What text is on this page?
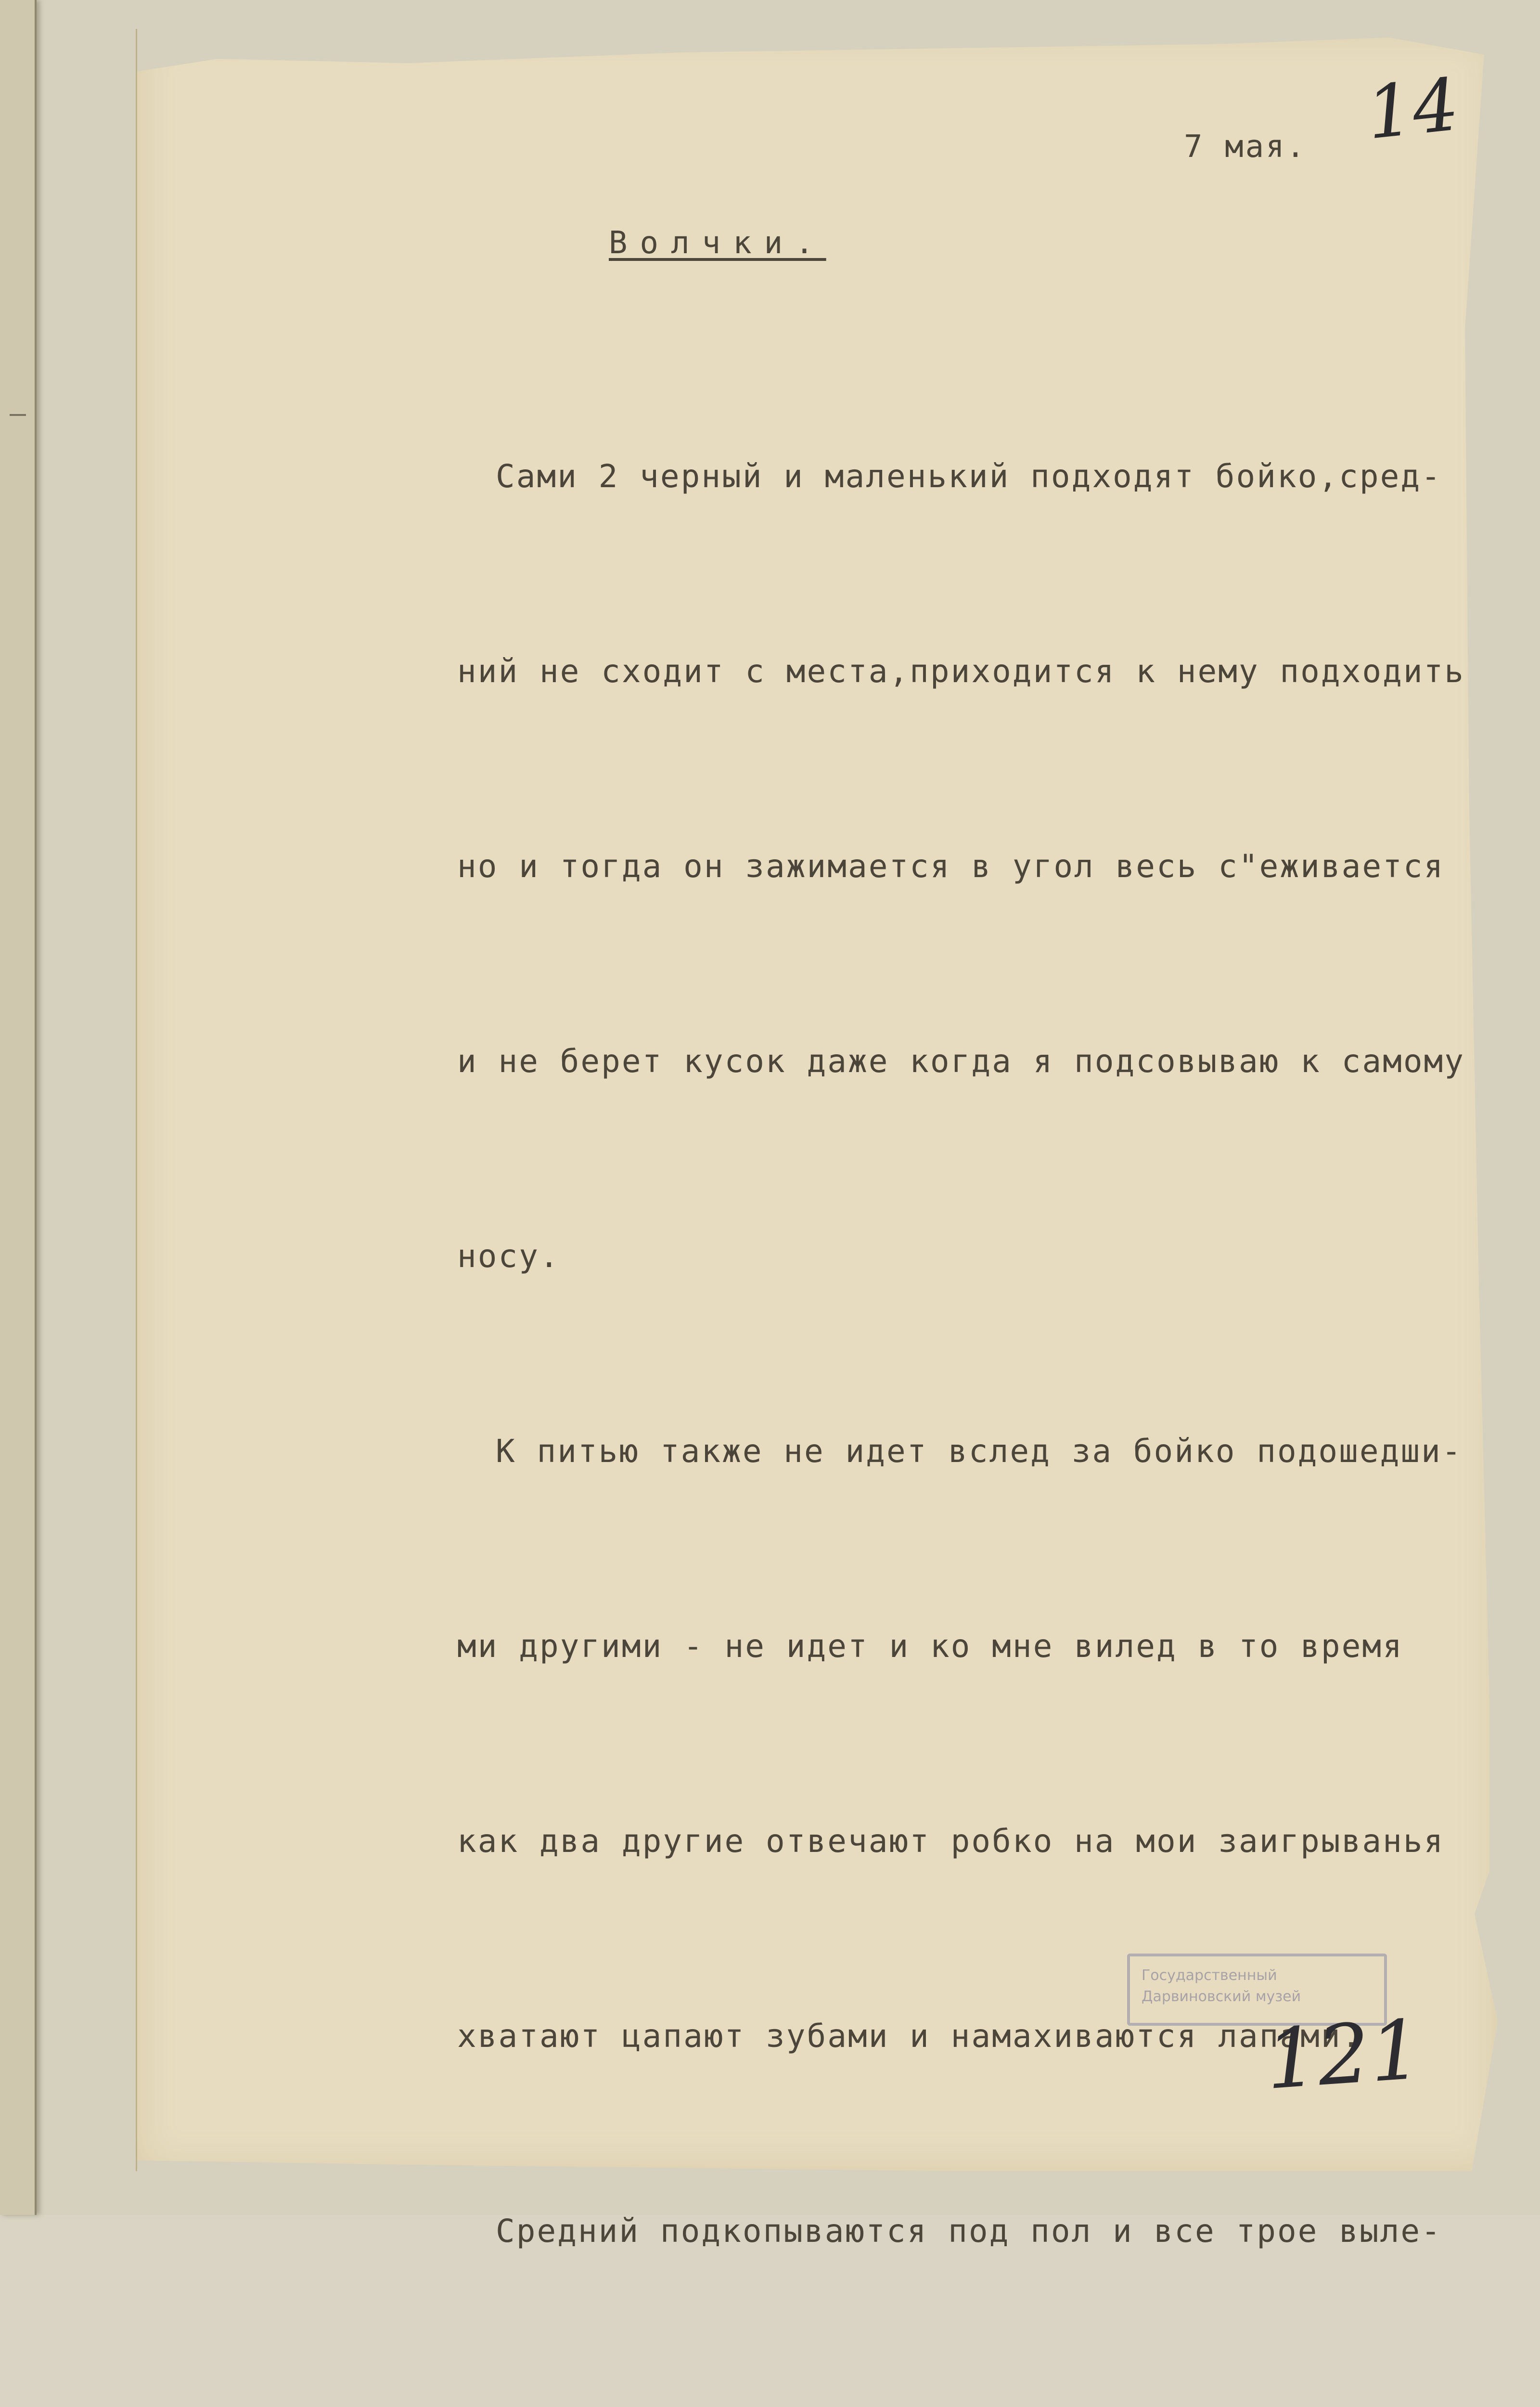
14

7 мая.

Волчки.

Сами 2 черный и маленький подходят бойко,сред-

ний не сходит с места,приходится к нему подходить

но и тогда он зажимается в угол весь с"еживается

и не берет кусок даже когда я подсовываю к самому

носу.

К питью также не идет вслед за бойко подошедши-

ми другими - не идет и ко мне вилед в то время

как два другие отвечают робко на мои заигрыванья

хватают цапают зубами и намахиваются лапами.

Средний подкопываются под пол и все трое выле-

Государственный
Дарвиновский музей
121
